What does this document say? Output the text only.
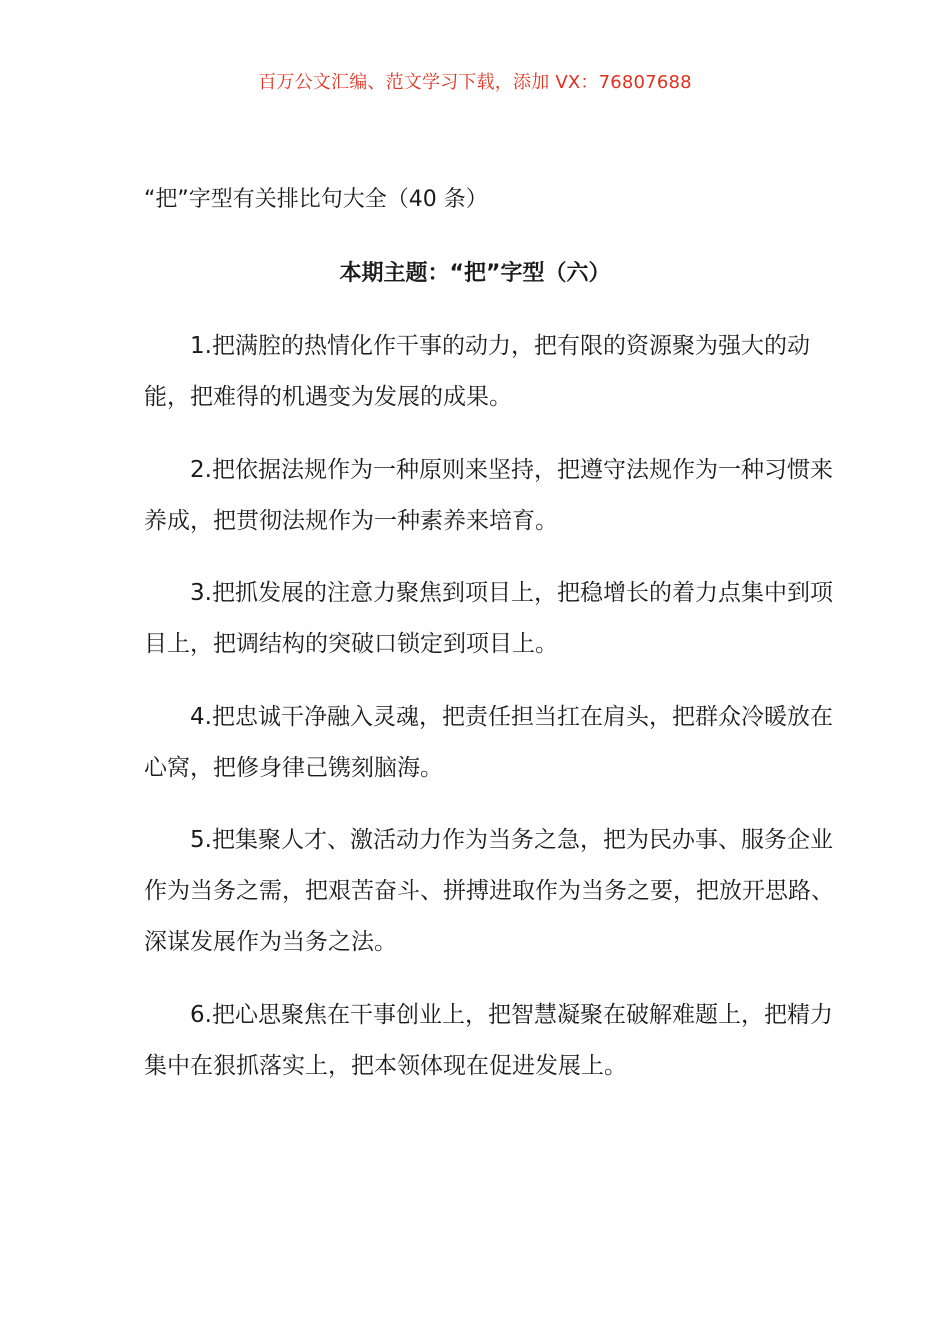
百万公文汇编、范文学习下载，添加 VX：76807688
“把”字型有关排比句大全（40 条）
本期主题：“把”字型（六）

1.把满腔的热情化作干事的动力，把有限的资源聚为强大的动能，把难得的机遇变为发展的成果。

2.把依据法规作为一种原则来坚持，把遵守法规作为一种习惯来养成，把贯彻法规作为一种素养来培育。

3.把抓发展的注意力聚焦到项目上，把稳增长的着力点集中到项目上，把调结构的突破口锁定到项目上。

4.把忠诚干净融入灵魂，把责任担当扛在肩头，把群众冷暖放在心窝，把修身律己镌刻脑海。

5.把集聚人才、激活动力作为当务之急，把为民办事、服务企业作为当务之需，把艰苦奋斗、拼搏进取作为当务之要，把放开思路、深谋发展作为当务之法。

6.把心思聚焦在干事创业上，把智慧凝聚在破解难题上，把精力集中在狠抓落实上，把本领体现在促进发展上。
